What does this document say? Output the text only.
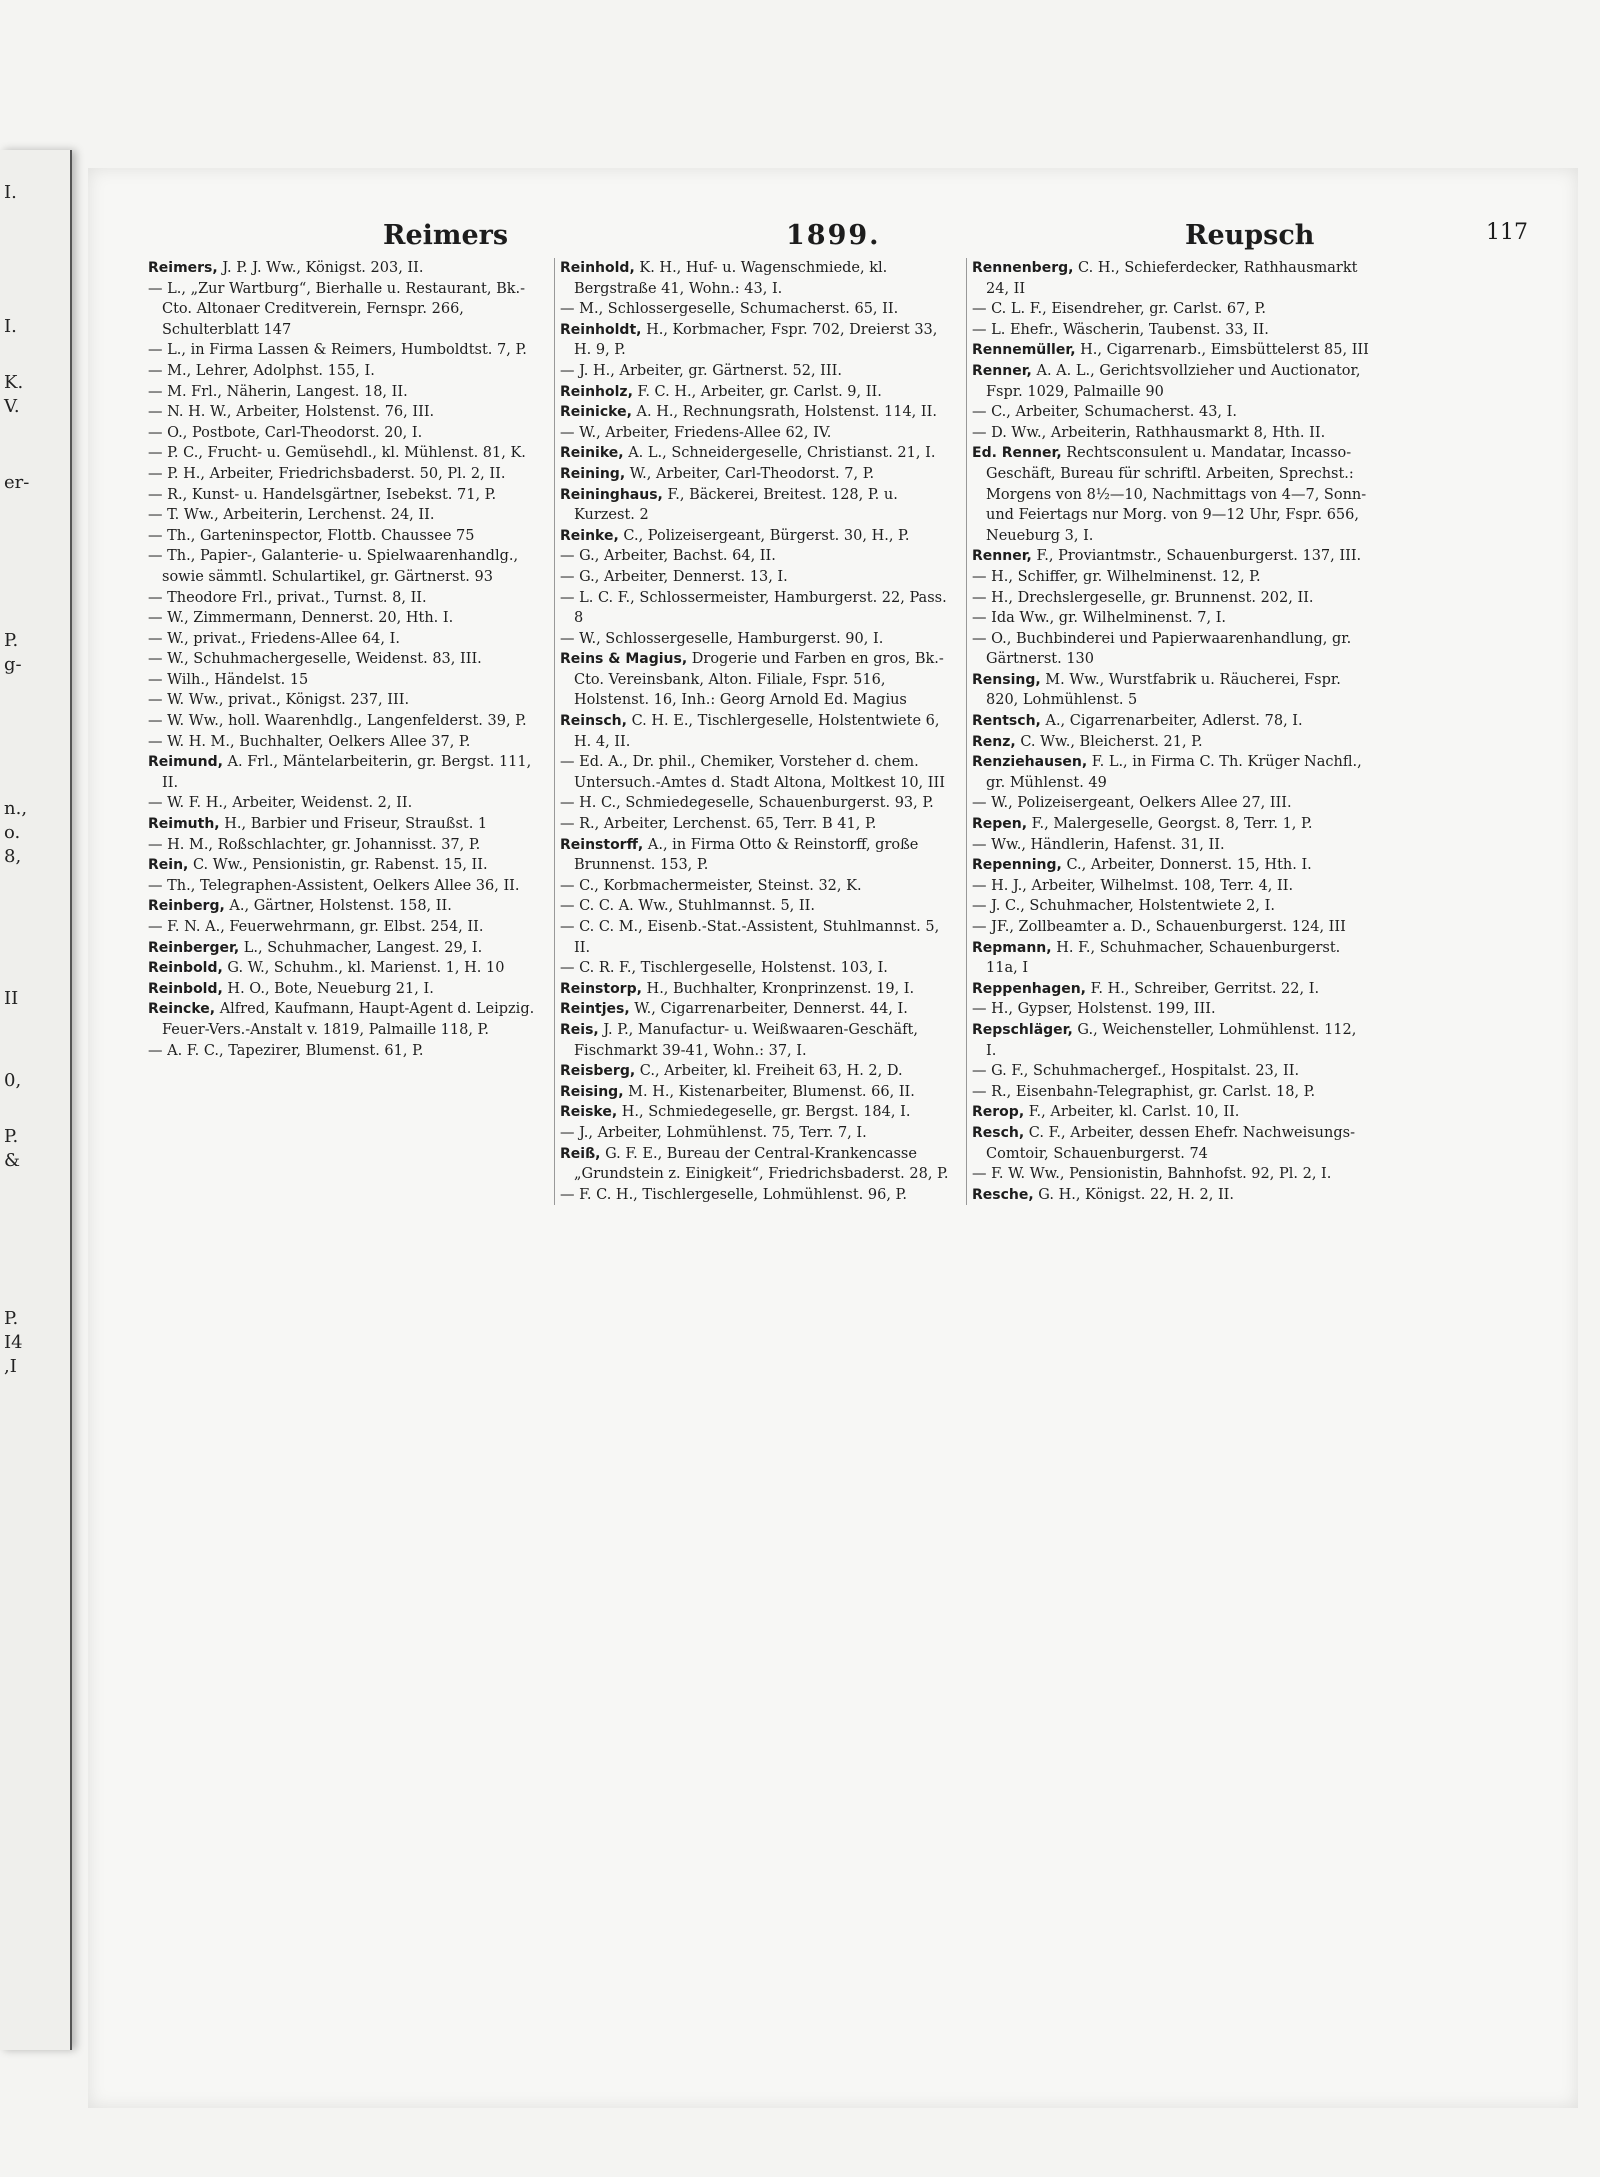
I.
I.
K.
V.
er-
P.
g-
n.,
o.
8,
II
0,
P.
&
P.
I4
,I
Reimers	1899.	Reupsch	117

Reimers, J. P. J. Ww., Königst. 203, II.

— L., „Zur Wartburg“, Bierhalle u. Restaurant, Bk.-Cto. Altonaer Creditverein, Fernspr. 266, Schulterblatt 147

— L., in Firma Lassen & Reimers, Humboldtst. 7, P.

— M., Lehrer, Adolphst. 155, I.

— M. Frl., Näherin, Langest. 18, II.

— N. H. W., Arbeiter, Holstenst. 76, III.

— O., Postbote, Carl-Theodorst. 20, I.

— P. C., Frucht- u. Gemüsehdl., kl. Mühlenst. 81, K.

— P. H., Arbeiter, Friedrichsbaderst. 50, Pl. 2, II.

— R., Kunst- u. Handelsgärtner, Isebekst. 71, P.

— T. Ww., Arbeiterin, Lerchenst. 24, II.

— Th., Garteninspector, Flottb. Chaussee 75

— Th., Papier-, Galanterie- u. Spielwaarenhandlg., sowie sämmtl. Schulartikel, gr. Gärtnerst. 93

— Theodore Frl., privat., Turnst. 8, II.

— W., Zimmermann, Dennerst. 20, Hth. I.

— W., privat., Friedens-Allee 64, I.

— W., Schuhmachergeselle, Weidenst. 83, III.

— Wilh., Händelst. 15

— W. Ww., privat., Königst. 237, III.

— W. Ww., holl. Waarenhdlg., Langenfelderst. 39, P.

— W. H. M., Buchhalter, Oelkers Allee 37, P.

Reimund, A. Frl., Mäntelarbeiterin, gr. Bergst. 111, II.

— W. F. H., Arbeiter, Weidenst. 2, II.

Reimuth, H., Barbier und Friseur, Straußst. 1

— H. M., Roßschlachter, gr. Johannisst. 37, P.

Rein, C. Ww., Pensionistin, gr. Rabenst. 15, II.

— Th., Telegraphen-Assistent, Oelkers Allee 36, II.

Reinberg, A., Gärtner, Holstenst. 158, II.

— F. N. A., Feuerwehrmann, gr. Elbst. 254, II.

Reinberger, L., Schuhmacher, Langest. 29, I.

Reinbold, G. W., Schuhm., kl. Marienst. 1, H. 10

Reinbold, H. O., Bote, Neueburg 21, I.

Reincke, Alfred, Kaufmann, Haupt-Agent d. Leipzig. Feuer-Vers.-Anstalt v. 1819, Palmaille 118, P.

— A. F. C., Tapezirer, Blumenst. 61, P.

Reinhold, K. H., Huf- u. Wagenschmiede, kl. Bergstraße 41, Wohn.: 43, I.

— M., Schlossergeselle, Schumacherst. 65, II.

Reinholdt, H., Korbmacher, Fspr. 702, Dreierst 33, H. 9, P.

— J. H., Arbeiter, gr. Gärtnerst. 52, III.

Reinholz, F. C. H., Arbeiter, gr. Carlst. 9, II.

Reinicke, A. H., Rechnungsrath, Holstenst. 114, II.

— W., Arbeiter, Friedens-Allee 62, IV.

Reinike, A. L., Schneidergeselle, Christianst. 21, I.

Reining, W., Arbeiter, Carl-Theodorst. 7, P.

Reininghaus, F., Bäckerei, Breitest. 128, P. u. Kurzest. 2

Reinke, C., Polizeisergeant, Bürgerst. 30, H., P.

— G., Arbeiter, Bachst. 64, II.

— G., Arbeiter, Dennerst. 13, I.

— L. C. F., Schlossermeister, Hamburgerst. 22, Pass. 8

— W., Schlossergeselle, Hamburgerst. 90, I.

Reins & Magius, Drogerie und Farben en gros, Bk.-Cto. Vereinsbank, Alton. Filiale, Fspr. 516, Holstenst. 16, Inh.: Georg Arnold Ed. Magius

Reinsch, C. H. E., Tischlergeselle, Holstentwiete 6, H. 4, II.

— Ed. A., Dr. phil., Chemiker, Vorsteher d. chem. Untersuch.-Amtes d. Stadt Altona, Moltkest 10, III

— H. C., Schmiedegeselle, Schauenburgerst. 93, P.

— R., Arbeiter, Lerchenst. 65, Terr. B 41, P.

Reinstorff, A., in Firma Otto & Reinstorff, große Brunnenst. 153, P.

— C., Korbmachermeister, Steinst. 32, K.

— C. C. A. Ww., Stuhlmannst. 5, II.

— C. C. M., Eisenb.-Stat.-Assistent, Stuhlmannst. 5, II.

— C. R. F., Tischlergeselle, Holstenst. 103, I.

Reinstorp, H., Buchhalter, Kronprinzenst. 19, I.

Reintjes, W., Cigarrenarbeiter, Dennerst. 44, I.

Reis, J. P., Manufactur- u. Weißwaaren-Geschäft, Fischmarkt 39-41, Wohn.: 37, I.

Reisberg, C., Arbeiter, kl. Freiheit 63, H. 2, D.

Reising, M. H., Kistenarbeiter, Blumenst. 66, II.

Reiske, H., Schmiedegeselle, gr. Bergst. 184, I.

— J., Arbeiter, Lohmühlenst. 75, Terr. 7, I.

Reiß, G. F. E., Bureau der Central-Krankencasse „Grundstein z. Einigkeit“, Friedrichsbaderst. 28, P.

— F. C. H., Tischlergeselle, Lohmühlenst. 96, P.

Rennenberg, C. H., Schieferdecker, Rathhausmarkt 24, II

— C. L. F., Eisendreher, gr. Carlst. 67, P.

— L. Ehefr., Wäscherin, Taubenst. 33, II.

Rennemüller, H., Cigarrenarb., Eimsbüttelerst 85, III

Renner, A. A. L., Gerichtsvollzieher und Auctionator, Fspr. 1029, Palmaille 90

— C., Arbeiter, Schumacherst. 43, I.

— D. Ww., Arbeiterin, Rathhausmarkt 8, Hth. II.

Ed. Renner, Rechtsconsulent u. Mandatar, Incasso-Geschäft, Bureau für schriftl. Arbeiten, Sprechst.: Morgens von 8½—10, Nachmittags von 4—7, Sonn- und Feiertags nur Morg. von 9—12 Uhr, Fspr. 656, Neueburg 3, I.

Renner, F., Proviantmstr., Schauenburgerst. 137, III.

— H., Schiffer, gr. Wilhelminenst. 12, P.

— H., Drechslergeselle, gr. Brunnenst. 202, II.

— Ida Ww., gr. Wilhelminenst. 7, I.

— O., Buchbinderei und Papierwaarenhandlung, gr. Gärtnerst. 130

Rensing, M. Ww., Wurstfabrik u. Räucherei, Fspr. 820, Lohmühlenst. 5

Rentsch, A., Cigarrenarbeiter, Adlerst. 78, I.

Renz, C. Ww., Bleicherst. 21, P.

Renziehausen, F. L., in Firma C. Th. Krüger Nachfl., gr. Mühlenst. 49

— W., Polizeisergeant, Oelkers Allee 27, III.

Repen, F., Malergeselle, Georgst. 8, Terr. 1, P.

— Ww., Händlerin, Hafenst. 31, II.

Repenning, C., Arbeiter, Donnerst. 15, Hth. I.

— H. J., Arbeiter, Wilhelmst. 108, Terr. 4, II.

— J. C., Schuhmacher, Holstentwiete 2, I.

— JF., Zollbeamter a. D., Schauenburgerst. 124, III

Repmann, H. F., Schuhmacher, Schauenburgerst. 11a, I

Reppenhagen, F. H., Schreiber, Gerritst. 22, I.

— H., Gypser, Holstenst. 199, III.

Repschläger, G., Weichensteller, Lohmühlenst. 112, I.

— G. F., Schuhmachergef., Hospitalst. 23, II.

— R., Eisenbahn-Telegraphist, gr. Carlst. 18, P.

Rerop, F., Arbeiter, kl. Carlst. 10, II.

Resch, C. F., Arbeiter, dessen Ehefr. Nachweisungs-Comtoir, Schauenburgerst. 74

— F. W. Ww., Pensionistin, Bahnhofst. 92, Pl. 2, I.

Resche, G. H., Königst. 22, H. 2, II.
